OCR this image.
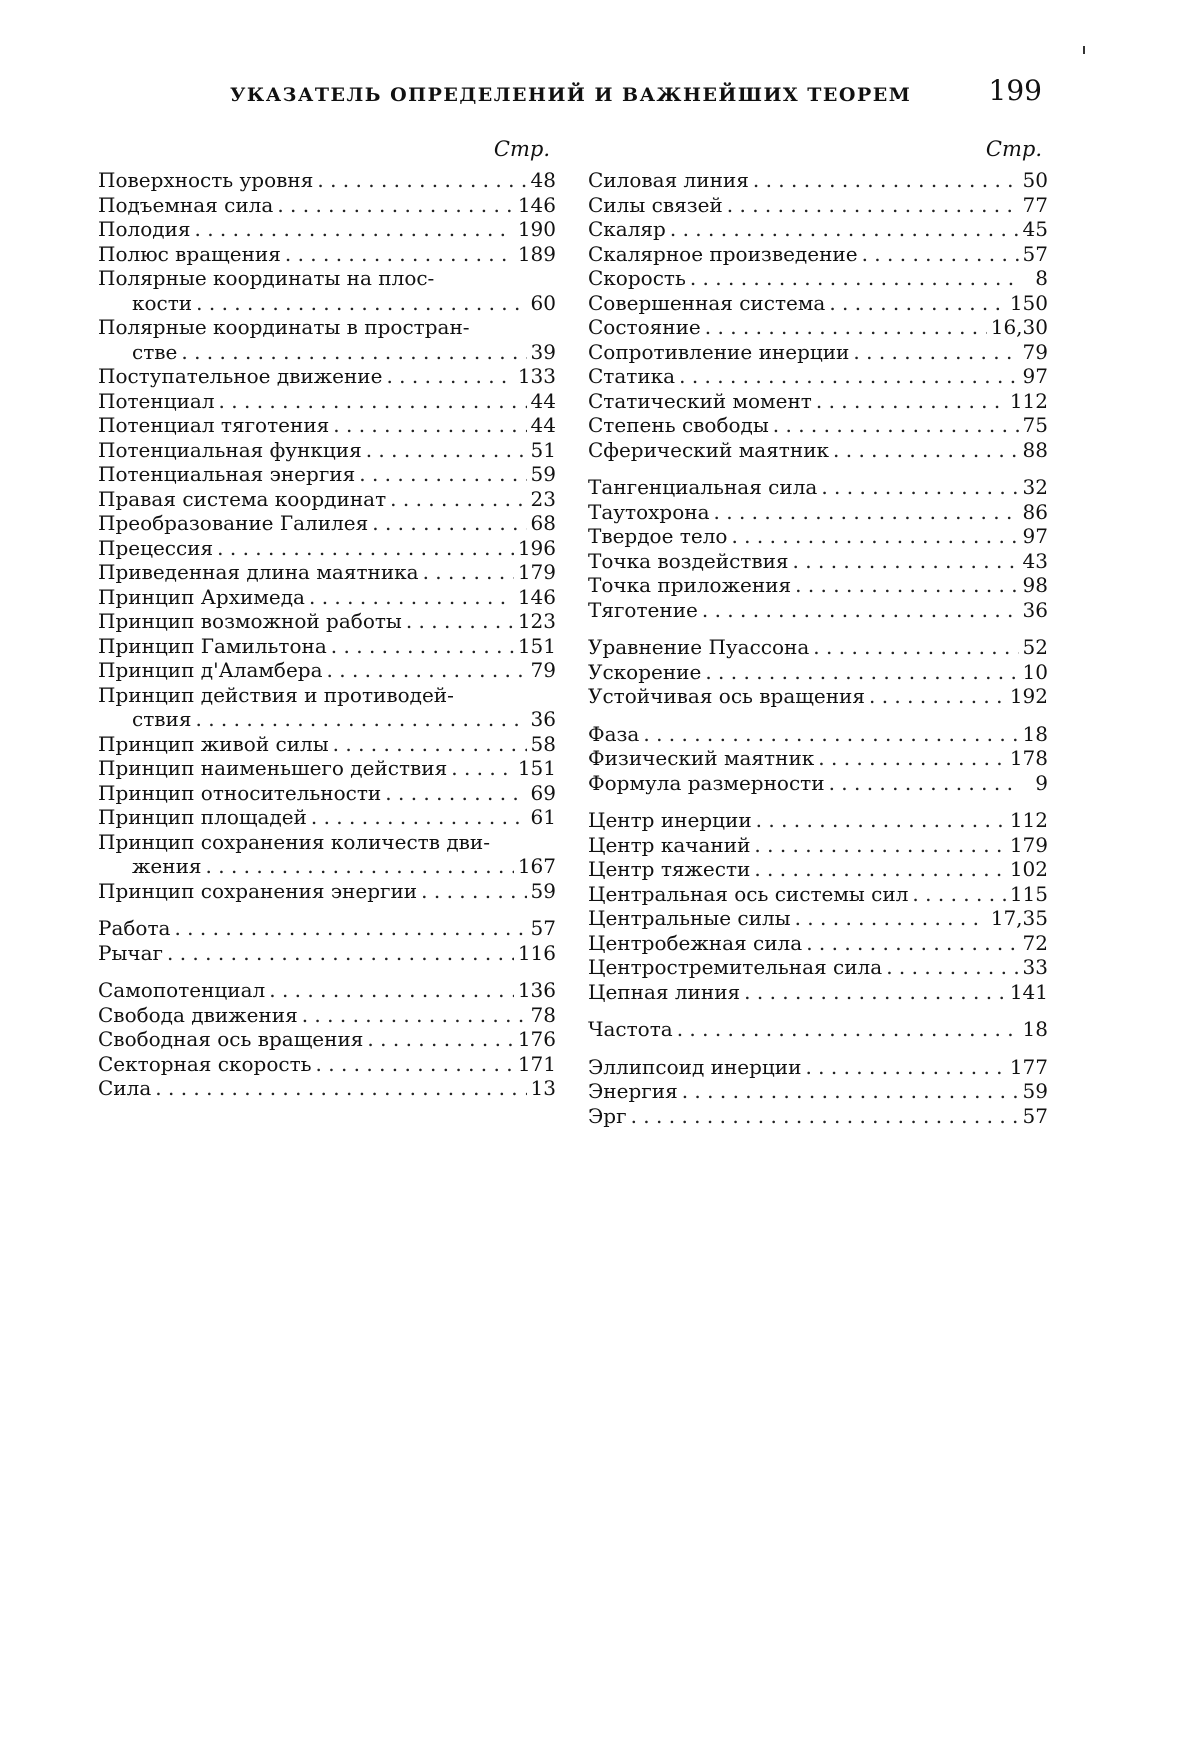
УКАЗАТЕЛЬ ОПРЕДЕЛЕНИЙ И ВАЖНЕЙШИХ ТЕОРЕМ	199
Стр.
Поверхность уровня . . .	48
Подъемная сила . . .	146
Полодия . . .	190
Полюс вращения . . .	189
Полярные координаты на плос-
кости . . .	60
Полярные координаты в простран-
стве . . .	39
Поступательное движение . . .	133
Потенциал . . .	44
Потенциал тяготения . . .	44
Потенциальная функция . . .	51
Потенциальная энергия . . .	59
Правая система координат . . .	23
Преобразование Галилея . . .	68
Прецессия . . .	196
Приведенная длина маятника . . .	179
Принцип Архимеда . . .	146
Принцип возможной работы . . .	123
Принцип Гамильтона . . .	151
Принцип д'Аламбера . . .	79
Принцип действия и противодей-
ствия . . .	36
Принцип живой силы . . .	58
Принцип наименьшего действия . . .	151
Принцип относительности . . .	69
Принцип площадей . . .	61
Принцип сохранения количеств дви-
жения . . .	167
Принцип сохранения энергии . . .	59
Работа . . .	57
Рычаг . . .	116
Самопотенциал . . .	136
Свобода движения . . .	78
Свободная ось вращения . . .	176
Секторная скорость . . .	171
Сила . . .	13
Стр.
Силовая линия . . .	50
Силы связей . . .	77
Скаляр . . .	45
Скалярное произведение . . .	57
Скорость . . .	8
Совершенная система . . .	150
Состояние . . .	16,30
Сопротивление инерции . . .	79
Статика . . .	97
Статический момент . . .	112
Степень свободы . . .	75
Сферический маятник . . .	88
Тангенциальная сила . . .	32
Таутохрона . . .	86
Твердое тело . . .	97
Точка воздействия . . .	43
Точка приложения . . .	98
Тяготение . . .	36
Уравнение Пуассона . . .	52
Ускорение . . .	10
Устойчивая ось вращения . . .	192
Фаза . . .	18
Физический маятник . . .	178
Формула размерности . . .	9
Центр инерции . . .	112
Центр качаний . . .	179
Центр тяжести . . .	102
Центральная ось системы сил . . .	115
Центральные силы . . .	17,35
Центробежная сила . . .	72
Центростремительная сила . . .	33
Цепная линия . . .	141
Частота . . .	18
Эллипсоид инерции . . .	177
Энергия . . .	59
Эрг . . .	57
